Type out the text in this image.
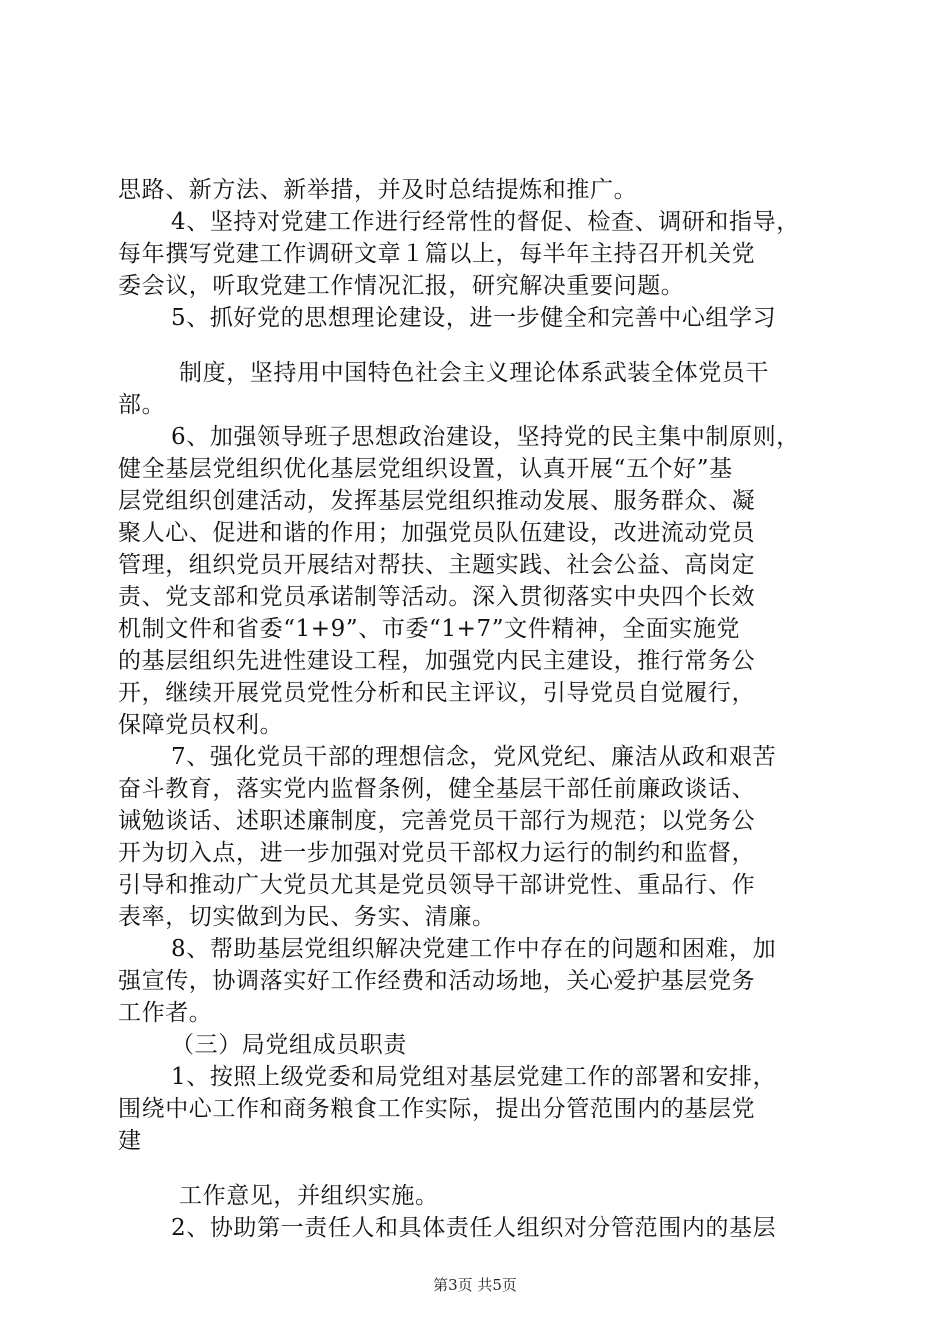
思路、新方法、新举措，并及时总结提炼和推广。
4、坚持对党建工作进行经常性的督促、检查、调研和指导，
每年撰写党建工作调研文章１篇以上，每半年主持召开机关党
委会议，听取党建工作情况汇报，研究解决重要问题。
5、抓好党的思想理论建设，进一步健全和完善中心组学习
制度，坚持用中国特色社会主义理论体系武装全体党员干
部。
6、加强领导班子思想政治建设，坚持党的民主集中制原则，
健全基层党组织优化基层党组织设置，认真开展“五个好”基
层党组织创建活动，发挥基层党组织推动发展、服务群众、凝
聚人心、促进和谐的作用；加强党员队伍建设，改进流动党员
管理，组织党员开展结对帮扶、主题实践、社会公益、高岗定
责、党支部和党员承诺制等活动。深入贯彻落实中央四个长效
机制文件和省委“1+9”、市委“1+7”文件精神，全面实施党
的基层组织先进性建设工程，加强党内民主建设，推行常务公
开，继续开展党员党性分析和民主评议，引导党员自觉履行，
保障党员权利。
7、强化党员干部的理想信念，党风党纪、廉洁从政和艰苦
奋斗教育，落实党内监督条例，健全基层干部任前廉政谈话、
诫勉谈话、述职述廉制度，完善党员干部行为规范；以党务公
开为切入点，进一步加强对党员干部权力运行的制约和监督，
引导和推动广大党员尤其是党员领导干部讲党性、重品行、作
表率，切实做到为民、务实、清廉。
8、帮助基层党组织解决党建工作中存在的问题和困难，加
强宣传，协调落实好工作经费和活动场地，关心爱护基层党务
工作者。
（三）局党组成员职责
1、按照上级党委和局党组对基层党建工作的部署和安排，
围绕中心工作和商务粮食工作实际，提出分管范围内的基层党
建
工作意见，并组织实施。
2、协助第一责任人和具体责任人组织对分管范围内的基层
第3页 共5页
